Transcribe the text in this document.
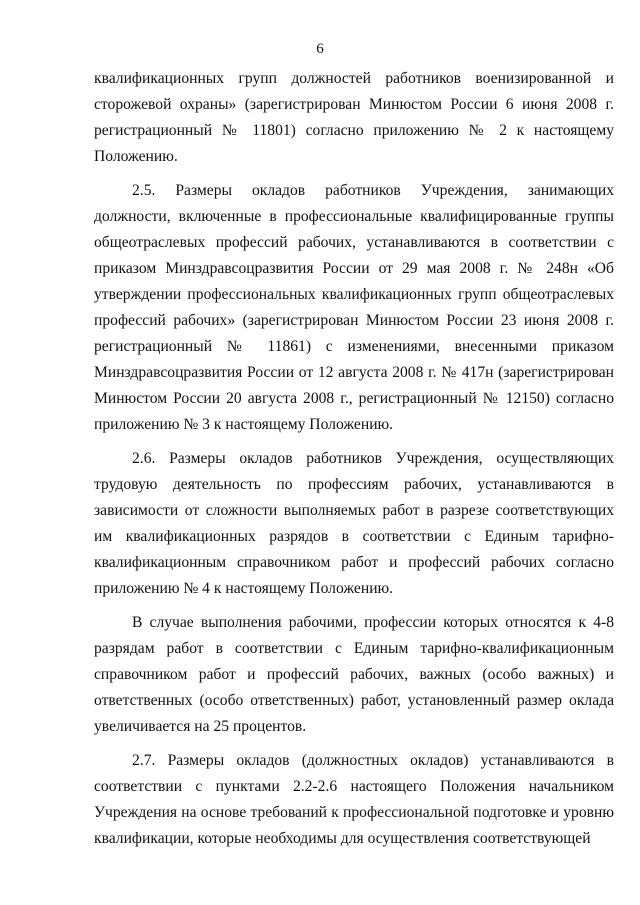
6

квалификационных групп должностей работников военизированной и сторожевой охраны» (зарегистрирован Минюстом России 6 июня 2008 г. регистрационный № 11801) согласно приложению № 2 к настоящему Положению.

2.5. Размеры окладов работников Учреждения, занимающих должности, включенные в профессиональные квалифицированные группы общеотраслевых профессий рабочих, устанавливаются в соответствии с приказом Минздравсоцразвития России от 29 мая 2008 г. № 248н «Об утверждении профессиональных квалификационных групп общеотраслевых профессий рабочих» (зарегистрирован Минюстом России 23 июня 2008 г. регистрационный № 11861) с изменениями, внесенными приказом Минздравсоцразвития России от 12 августа 2008 г. № 417н (зарегистрирован Минюстом России 20 августа 2008 г., регистрационный № 12150) согласно приложению № 3 к настоящему Положению.

2.6. Размеры окладов работников Учреждения, осуществляющих трудовую деятельность по профессиям рабочих, устанавливаются в зависимости от сложности выполняемых работ в разрезе соответствующих им квалификационных разрядов в соответствии с Единым тарифно-квалификационным справочником работ и профессий рабочих согласно приложению № 4 к настоящему Положению.

В случае выполнения рабочими, профессии которых относятся к 4-8 разрядам работ в соответствии с Единым тарифно-квалификационным справочником работ и профессий рабочих, важных (особо важных) и ответственных (особо ответственных) работ, установленный размер оклада увеличивается на 25 процентов.

2.7. Размеры окладов (должностных окладов) устанавливаются в соответствии с пунктами 2.2-2.6 настоящего Положения начальником Учреждения на основе требований к профессиональной подготовке и уровню квалификации, которые необходимы для осуществления соответствующей
